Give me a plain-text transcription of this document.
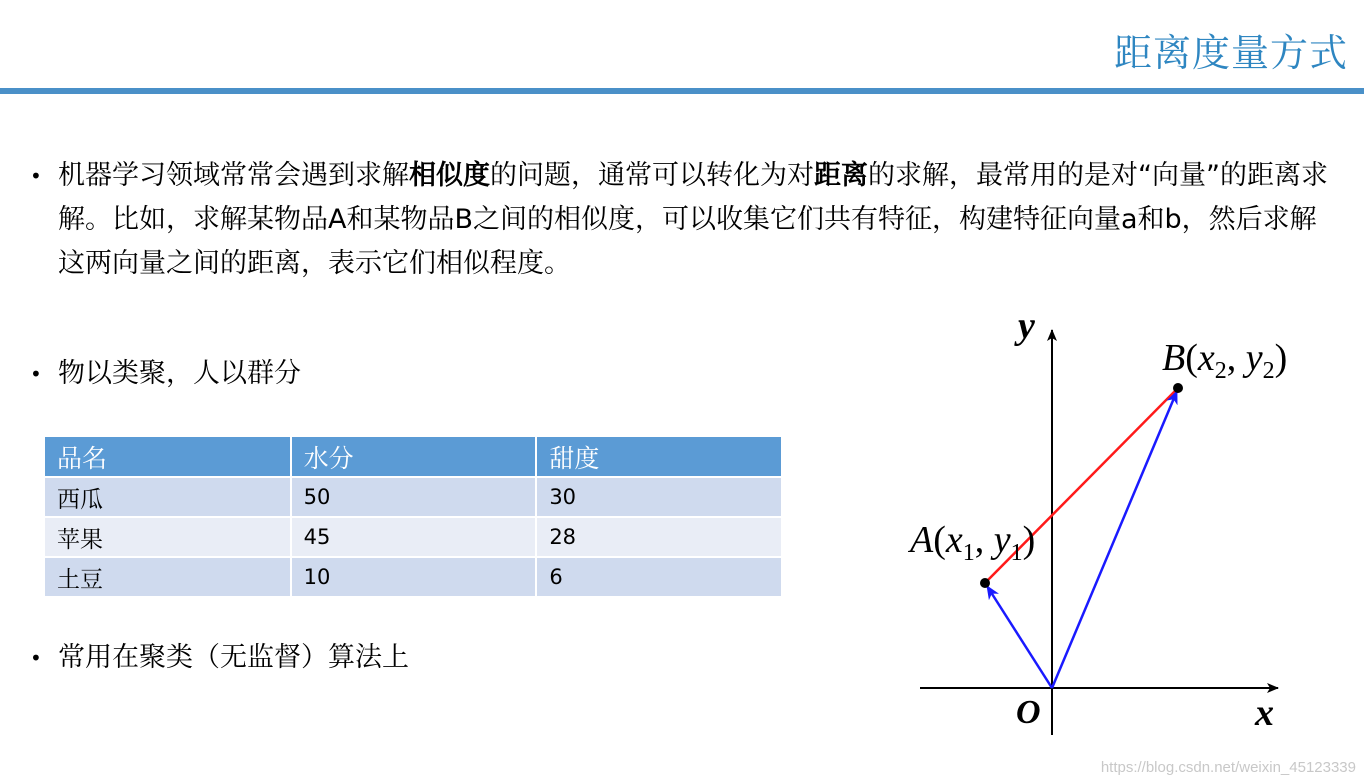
距离度量方式
• 机器学习领域常常会遇到求解相似度的问题，通常可以转化为对距离的求解，最常用的是对“向量”的距离求解。比如，求解某物品A和某物品B之间的相似度，可以收集它们共有特征，构建特征向量a和b，然后求解这两向量之间的距离，表示它们相似程度。
• 物以类聚，人以群分
品名	水分	甜度
西瓜	50	30
苹果	45	28
土豆	10	6
• 常用在聚类（无监督）算法上
y
x
O
$A(x_1$, $y_1$)
$B(x_2$, $y_2$)
https://blog.csdn.net/weixin_45123339
